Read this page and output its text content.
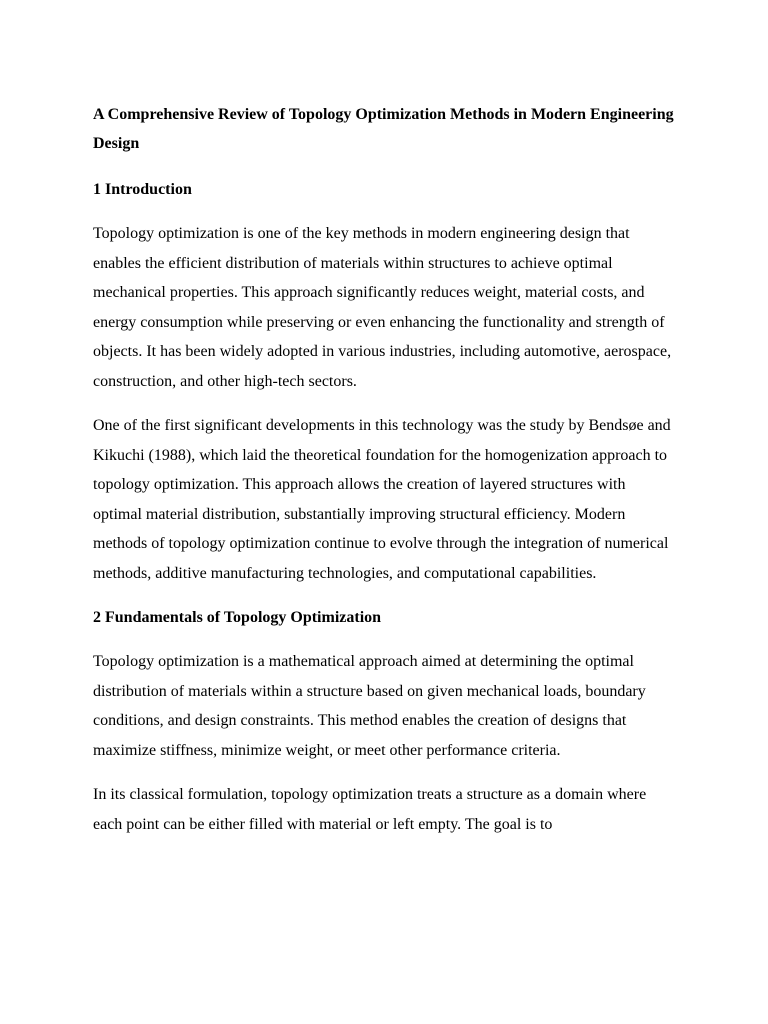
A Comprehensive Review of Topology Optimization Methods in Modern Engineering Design
1 Introduction

Topology optimization is one of the key methods in modern engineering design that enables the efficient distribution of materials within structures to achieve optimal mechanical properties. This approach significantly reduces weight, material costs, and energy consumption while preserving or even enhancing the functionality and strength of objects. It has been widely adopted in various industries, including automotive, aerospace, construction, and other high-tech sectors.

One of the first significant developments in this technology was the study by Bendsøe and Kikuchi (1988), which laid the theoretical foundation for the homogenization approach to topology optimization. This approach allows the creation of layered structures with optimal material distribution, substantially improving structural efficiency. Modern methods of topology optimization continue to evolve through the integration of numerical methods, additive manufacturing technologies, and computational capabilities.

2 Fundamentals of Topology Optimization

Topology optimization is a mathematical approach aimed at determining the optimal distribution of materials within a structure based on given mechanical loads, boundary conditions, and design constraints. This method enables the creation of designs that maximize stiffness, minimize weight, or meet other performance criteria.

In its classical formulation, topology optimization treats a structure as a domain where each point can be either filled with material or left empty. The goal is to
